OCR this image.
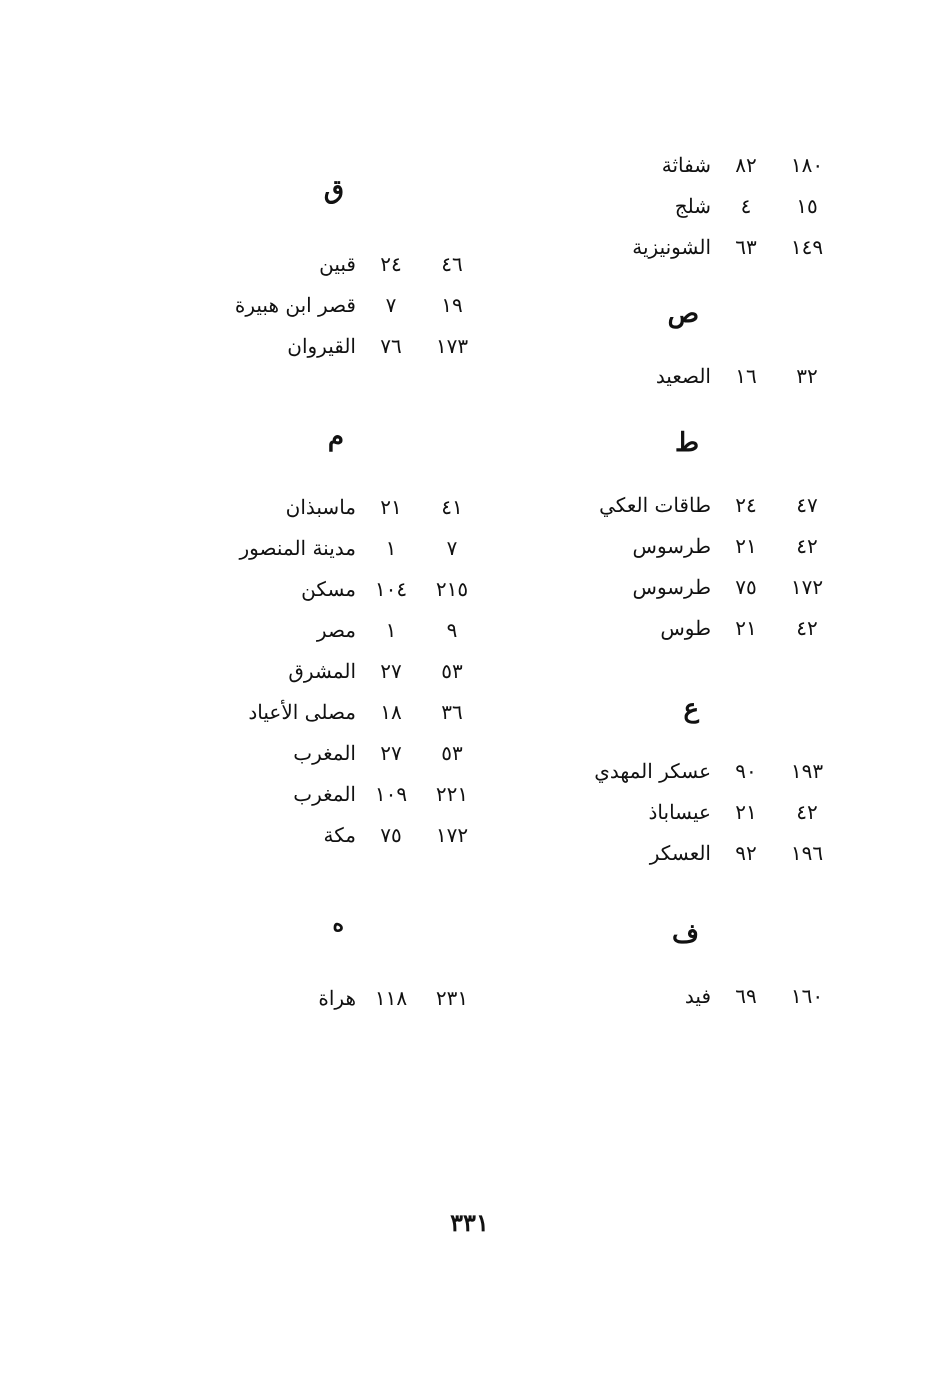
١٨٠
٨٢
شفاثة
١٥
٤
شلج
١٤٩
٦٣
الشونيزية
ص
٣٢
١٦
الصعيد
ط
٤٧
٢٤
طاقات العكي
٤٢
٢١
طرسوس
١٧٢
٧٥
طرسوس
٤٢
٢١
طوس
ع
١٩٣
٩٠
عسكر المهدي
٤٢
٢١
عيساباذ
١٩٦
٩٢
العسكر
ف
١٦٠
٦٩
فيد
ق
٤٦
٢٤
قبين
١٩
٧
قصر ابن هبيرة
١٧٣
٧٦
القيروان
م
٤١
٢١
ماسبذان
٧
١
مدينة المنصور
٢١٥
١٠٤
مسكن
٩
١
مصر
٥٣
٢٧
المشرق
٣٦
١٨
مصلى الأعياد
٥٣
٢٧
المغرب
٢٢١
١٠٩
المغرب
١٧٢
٧٥
مكة
ه
٢٣١
١١٨
هراة
٣٣١
